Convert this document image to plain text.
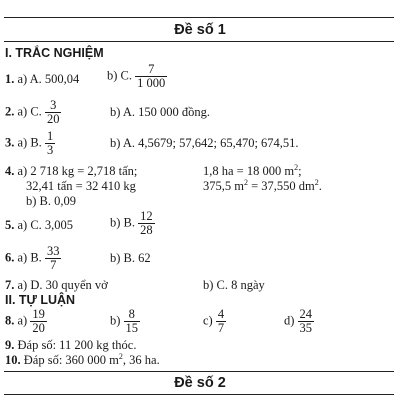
Đề số 1
I. TRẮC NGHIỆM
1. a) A. 500,04 b) C. $\frac{7}{1 000}$
2. a) C. $\frac{3}{20}$	b) A. 150 000 đồng.
3. a) B. $\frac{1}{3}$	b) A. 4,5679; 57,642; 65,470; 674,51.
4. a) 2 718 kg = 2,718 tấn;	1,8 ha = 18 000 $m^2$;
32,41 tấn = 32 410 kg	375,5 $m^2 = 37,550$ $dm^2$.
b) B. 0,09
5. a) C. 3,005	b) B. $\frac{12}{28}$
6. a) B. $\frac{33}{7}$	b) B. 62
7. a) D. 30 quyển vở	b) C. 8 ngày
II. TỰ LUẬN
8. $a) \frac{19}{20}$	$b) \frac{8}{15}$	$c) \frac{4}{7}$	$d) \frac{24}{35}$
9. Đáp số: 11 200 kg thóc.
10. Đáp số: 360 000 $m^2$, 36 ha.
Đề số 2
